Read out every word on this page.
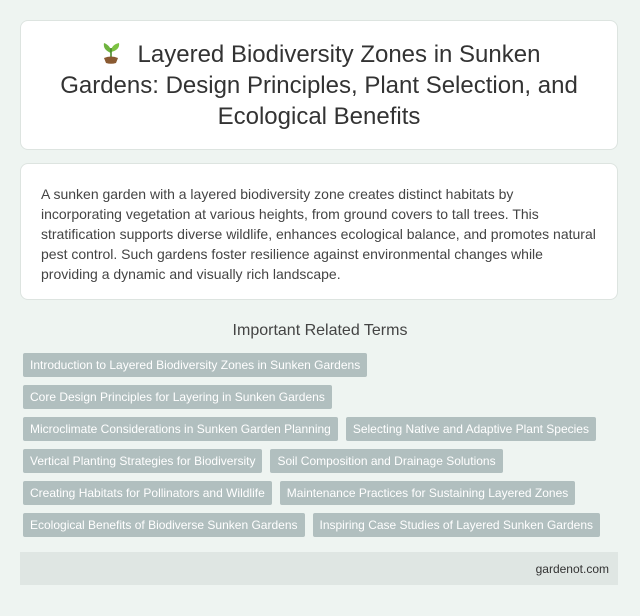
Layered Biodiversity Zones in Sunken Gardens: Design Principles, Plant Selection, and Ecological Benefits

A sunken garden with a layered biodiversity zone creates distinct habitats by incorporating vegetation at various heights, from ground covers to tall trees. This stratification supports diverse wildlife, enhances ecological balance, and promotes natural pest control. Such gardens foster resilience against environmental changes while providing a dynamic and visually rich landscape.

Important Related Terms
Introduction to Layered Biodiversity Zones in Sunken Gardens
Core Design Principles for Layering in Sunken Gardens
Microclimate Considerations in Sunken Garden Planning	Selecting Native and Adaptive Plant Species
Vertical Planting Strategies for Biodiversity	Soil Composition and Drainage Solutions
Creating Habitats for Pollinators and Wildlife	Maintenance Practices for Sustaining Layered Zones
Ecological Benefits of Biodiverse Sunken Gardens	Inspiring Case Studies of Layered Sunken Gardens
gardenot.com
